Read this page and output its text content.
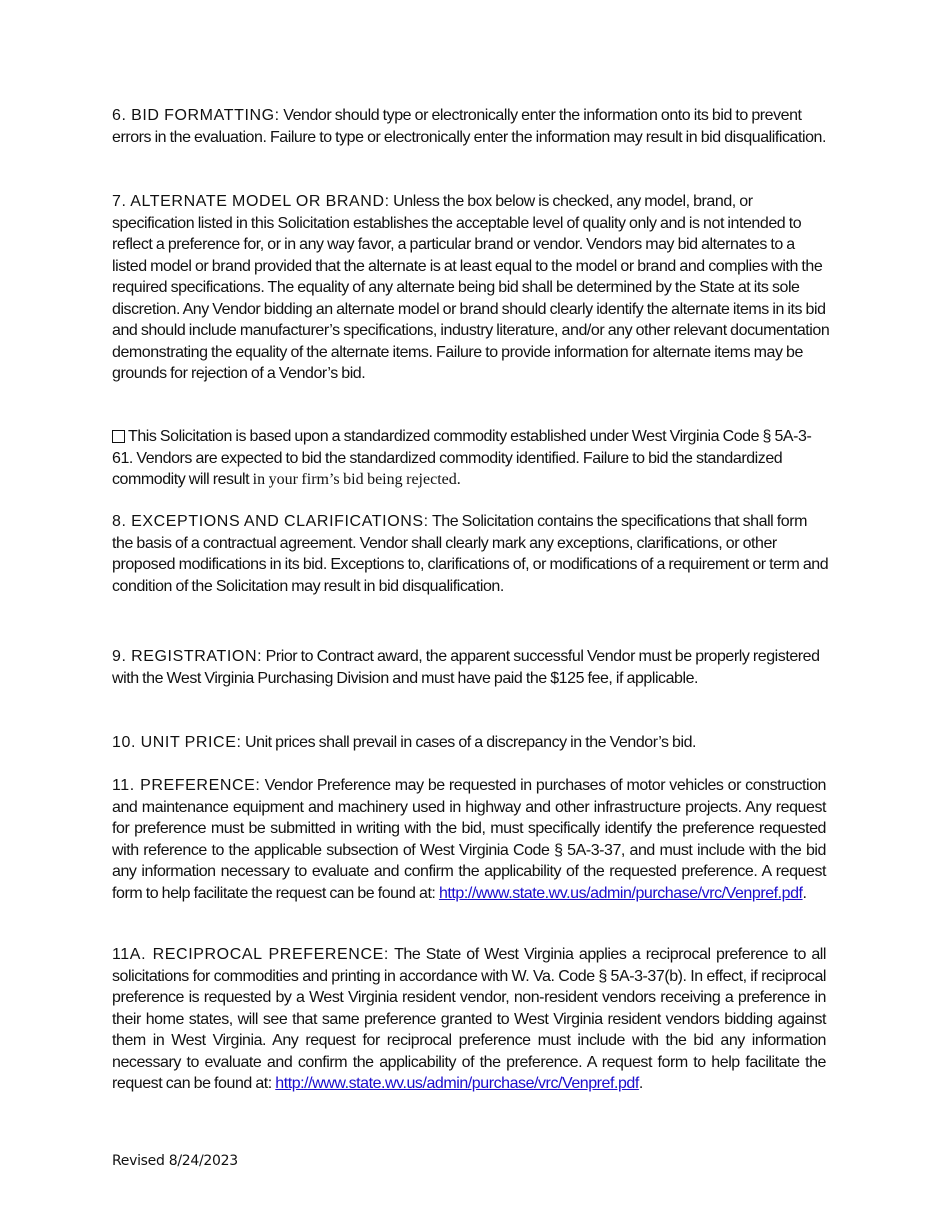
6. BID FORMATTING: Vendor should type or electronically enter the information onto its bid to prevent errors in the evaluation. Failure to type or electronically enter the information may result in bid disqualification.
7. ALTERNATE MODEL OR BRAND: Unless the box below is checked, any model, brand, or specification listed in this Solicitation establishes the acceptable level of quality only and is not intended to reflect a preference for, or in any way favor, a particular brand or vendor. Vendors may bid alternates to a listed model or brand provided that the alternate is at least equal to the model or brand and complies with the required specifications. The equality of any alternate being bid shall be determined by the State at its sole discretion. Any Vendor bidding an alternate model or brand should clearly identify the alternate items in its bid and should include manufacturer’s specifications, industry literature, and/or any other relevant documentation demonstrating the equality of the alternate items. Failure to provide information for alternate items may be grounds for rejection of a Vendor’s bid.
This Solicitation is based upon a standardized commodity established under West Virginia Code § 5A-3-61. Vendors are expected to bid the standardized commodity identified. Failure to bid the standardized commodity will result in your firm’s bid being rejected.
8. EXCEPTIONS AND CLARIFICATIONS: The Solicitation contains the specifications that shall form the basis of a contractual agreement. Vendor shall clearly mark any exceptions, clarifications, or other proposed modifications in its bid. Exceptions to, clarifications of, or modifications of a requirement or term and condition of the Solicitation may result in bid disqualification.
9. REGISTRATION: Prior to Contract award, the apparent successful Vendor must be properly registered with the West Virginia Purchasing Division and must have paid the $125 fee, if applicable.
10. UNIT PRICE: Unit prices shall prevail in cases of a discrepancy in the Vendor’s bid.
11. PREFERENCE: Vendor Preference may be requested in purchases of motor vehicles or construction and maintenance equipment and machinery used in highway and other infrastructure projects. Any request for preference must be submitted in writing with the bid, must specifically identify the preference requested with reference to the applicable subsection of West Virginia Code § 5A-3-37, and must include with the bid any information necessary to evaluate and confirm the applicability of the requested preference. A request form to help facilitate the request can be found at: http://www.state.wv.us/admin/purchase/vrc/Venpref.pdf.
11A. RECIPROCAL PREFERENCE: The State of West Virginia applies a reciprocal preference to all solicitations for commodities and printing in accordance with W. Va. Code § 5A-3-37(b). In effect, if reciprocal preference is requested by a West Virginia resident vendor, non-resident vendors receiving a preference in their home states, will see that same preference granted to West Virginia resident vendors bidding against them in West Virginia. Any request for reciprocal preference must include with the bid any information necessary to evaluate and confirm the applicability of the preference. A request form to help facilitate the request can be found at: http://www.state.wv.us/admin/purchase/vrc/Venpref.pdf.
Revised 8/24/2023
